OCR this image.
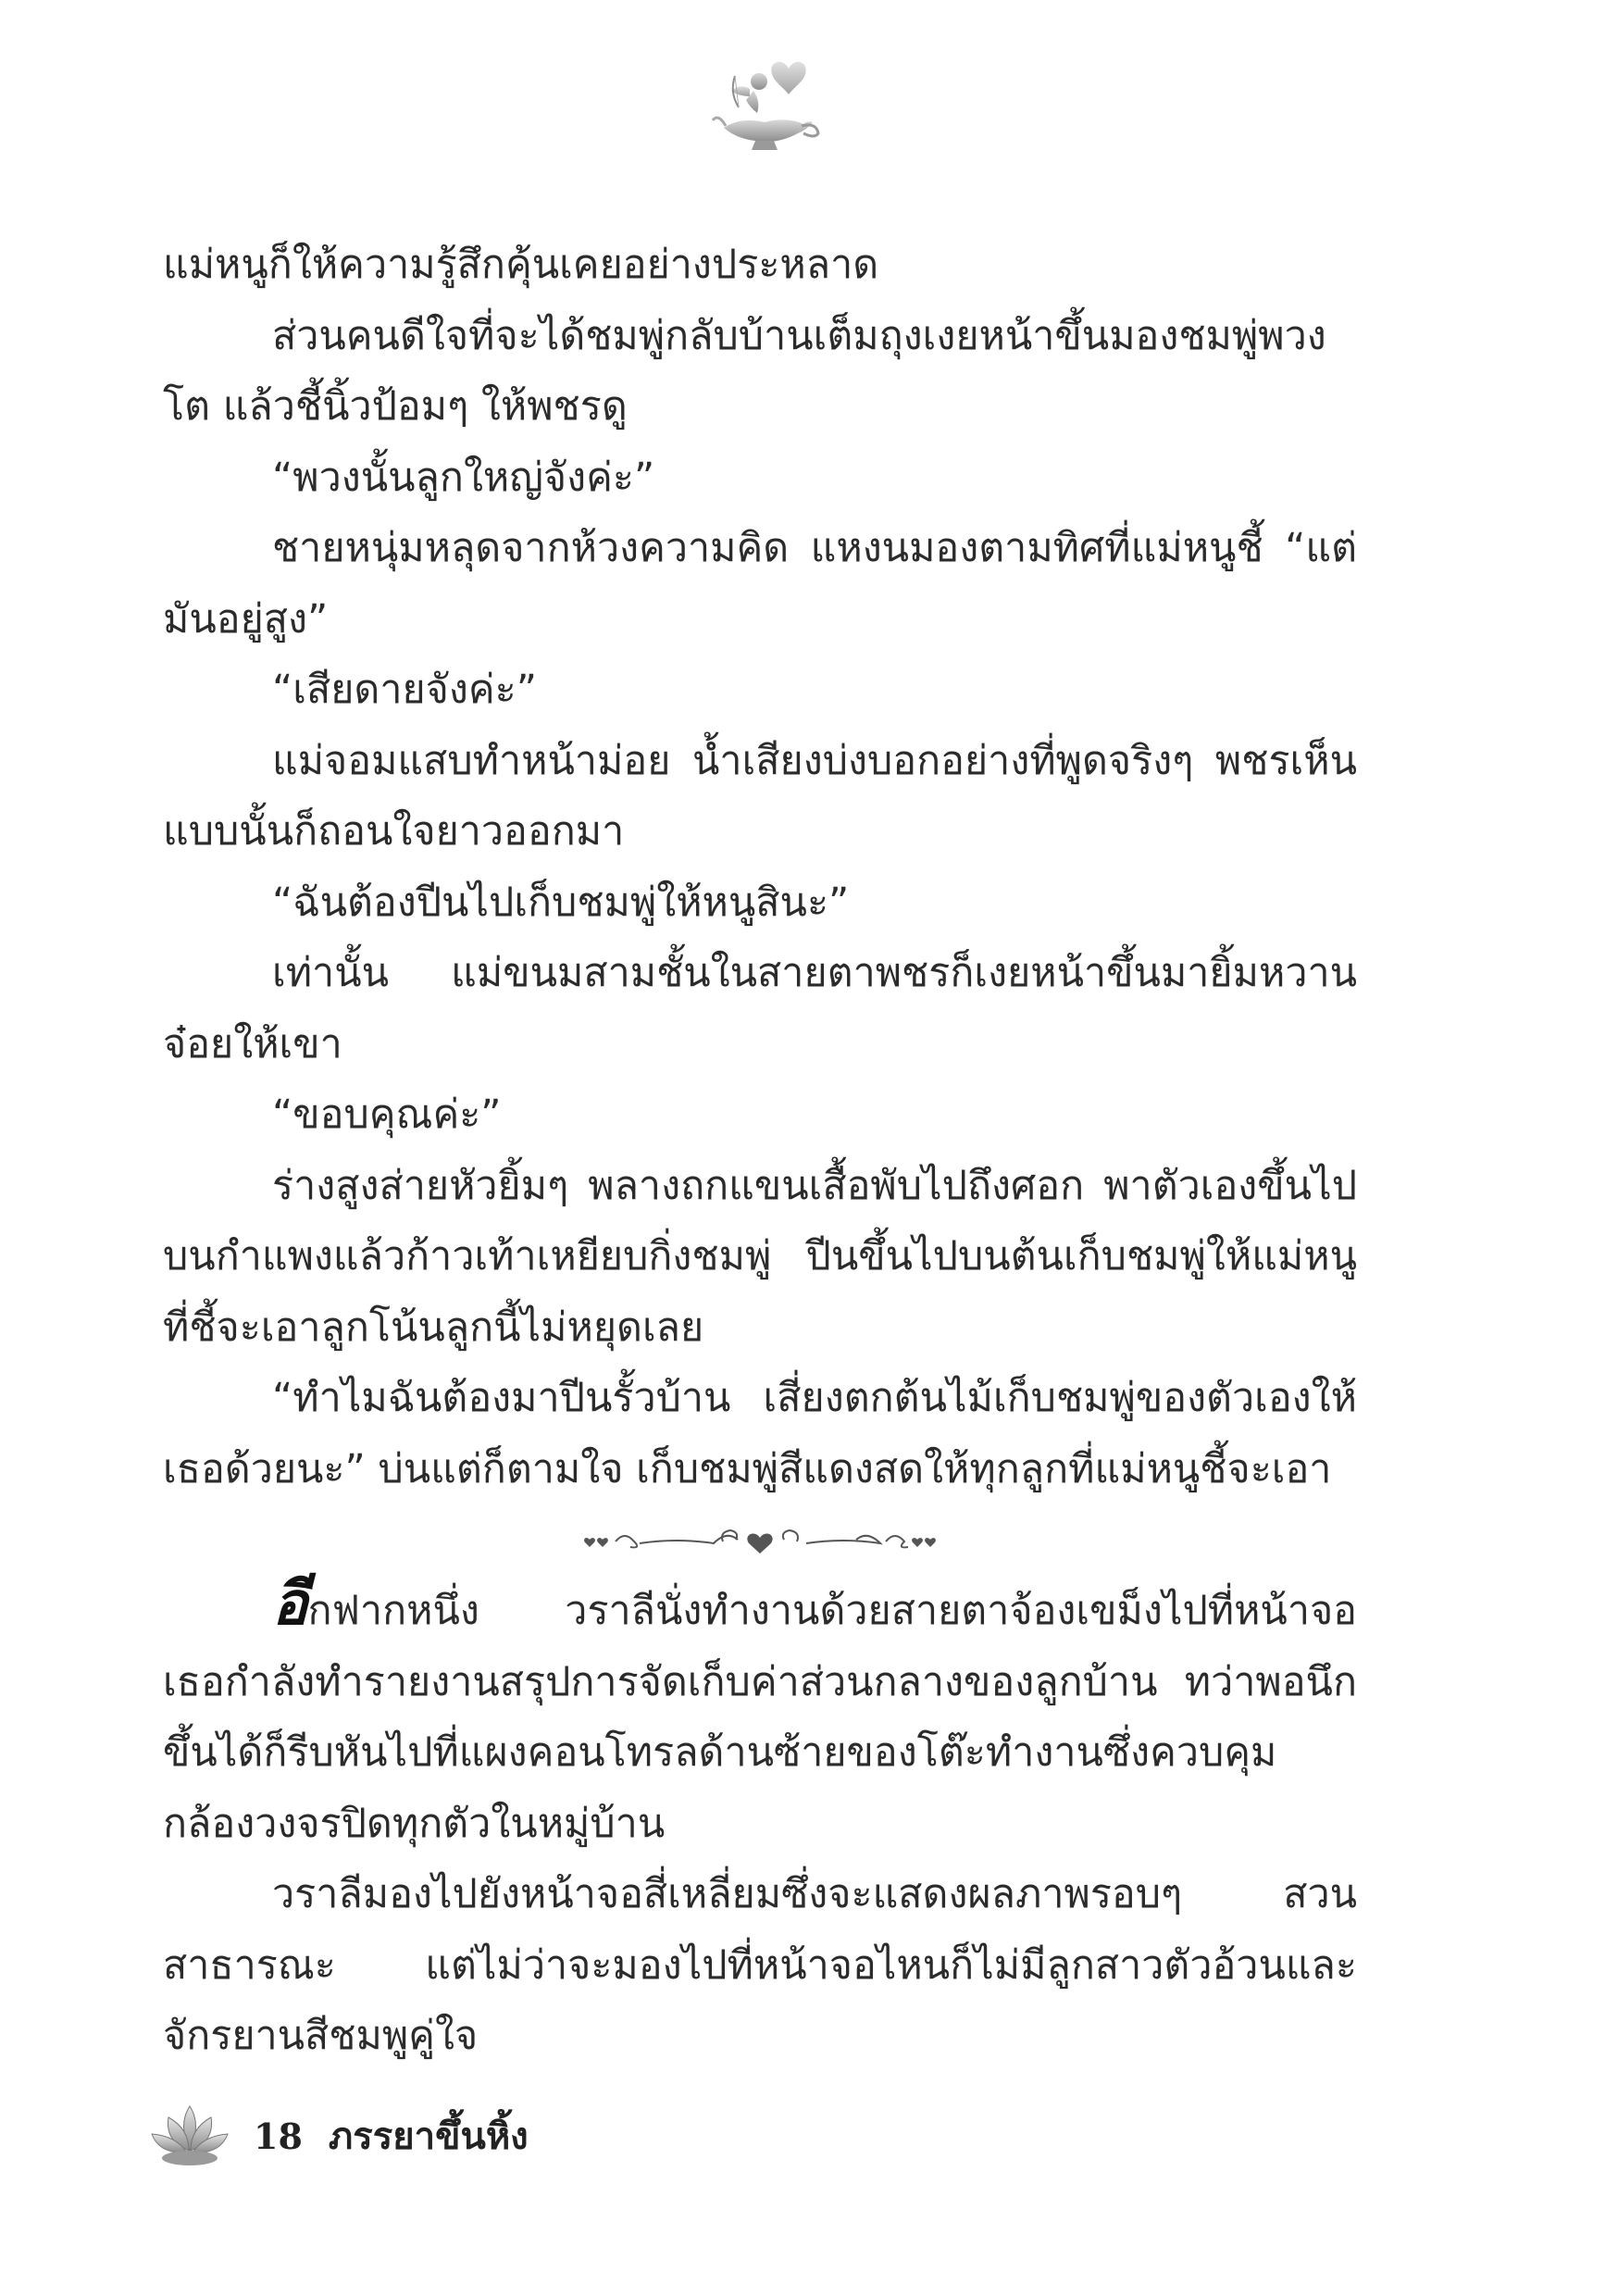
แม่หนูก็ให้ความรู้สึกคุ้นเคยอย่างประหลาด

ส่วนคนดีใจที่จะได้ชมพู่กลับบ้านเต็มถุงเงยหน้าขึ้นมองชมพู่พวงโต แล้วชี้นิ้วป้อมๆ ให้พชรดู

“พวงนั้นลูกใหญ่จังค่ะ”

ชายหนุ่มหลุดจากห้วงความคิด แหงนมองตามทิศที่แม่หนูชี้ “แต่มันอยู่สูง”

“เสียดายจังค่ะ”

แม่จอมแสบทำหน้าม่อย น้ำเสียงบ่งบอกอย่างที่พูดจริงๆ พชรเห็นแบบนั้นก็ถอนใจยาวออกมา

“ฉันต้องปีนไปเก็บชมพู่ให้หนูสินะ”

เท่านั้น แม่ขนมสามชั้นในสายตาพชรก็เงยหน้าขึ้นมายิ้มหวานจ๋อยให้เขา

“ขอบคุณค่ะ”

ร่างสูงส่ายหัวยิ้มๆ พลางถกแขนเสื้อพับไปถึงศอก พาตัวเองขึ้นไปบนกำแพงแล้วก้าวเท้าเหยียบกิ่งชมพู่ ปีนขึ้นไปบนต้นเก็บชมพู่ให้แม่หนูที่ชี้จะเอาลูกโน้นลูกนี้ไม่หยุดเลย

“ทำไมฉันต้องมาปีนรั้วบ้าน เสี่ยงตกต้นไม้เก็บชมพู่ของตัวเองให้เธอด้วยนะ” บ่นแต่ก็ตามใจ เก็บชมพู่สีแดงสดให้ทุกลูกที่แม่หนูชี้จะเอา

อีกฟากหนึ่ง วราลีนั่งทำงานด้วยสายตาจ้องเขม็งไปที่หน้าจอ เธอกำลังทำรายงานสรุปการจัดเก็บค่าส่วนกลางของลูกบ้าน ทว่าพอนึกขึ้นได้ก็รีบหันไปที่แผงคอนโทรลด้านซ้ายของโต๊ะทำงานซึ่งควบคุมกล้องวงจรปิดทุกตัวในหมู่บ้าน

วราลีมองไปยังหน้าจอสี่เหลี่ยมซึ่งจะแสดงผลภาพรอบๆ สวนสาธารณะ แต่ไม่ว่าจะมองไปที่หน้าจอไหนก็ไม่มีลูกสาวตัวอ้วนและจักรยานสีชมพูคู่ใจ

18 ภรรยาขึ้นหิ้ง
